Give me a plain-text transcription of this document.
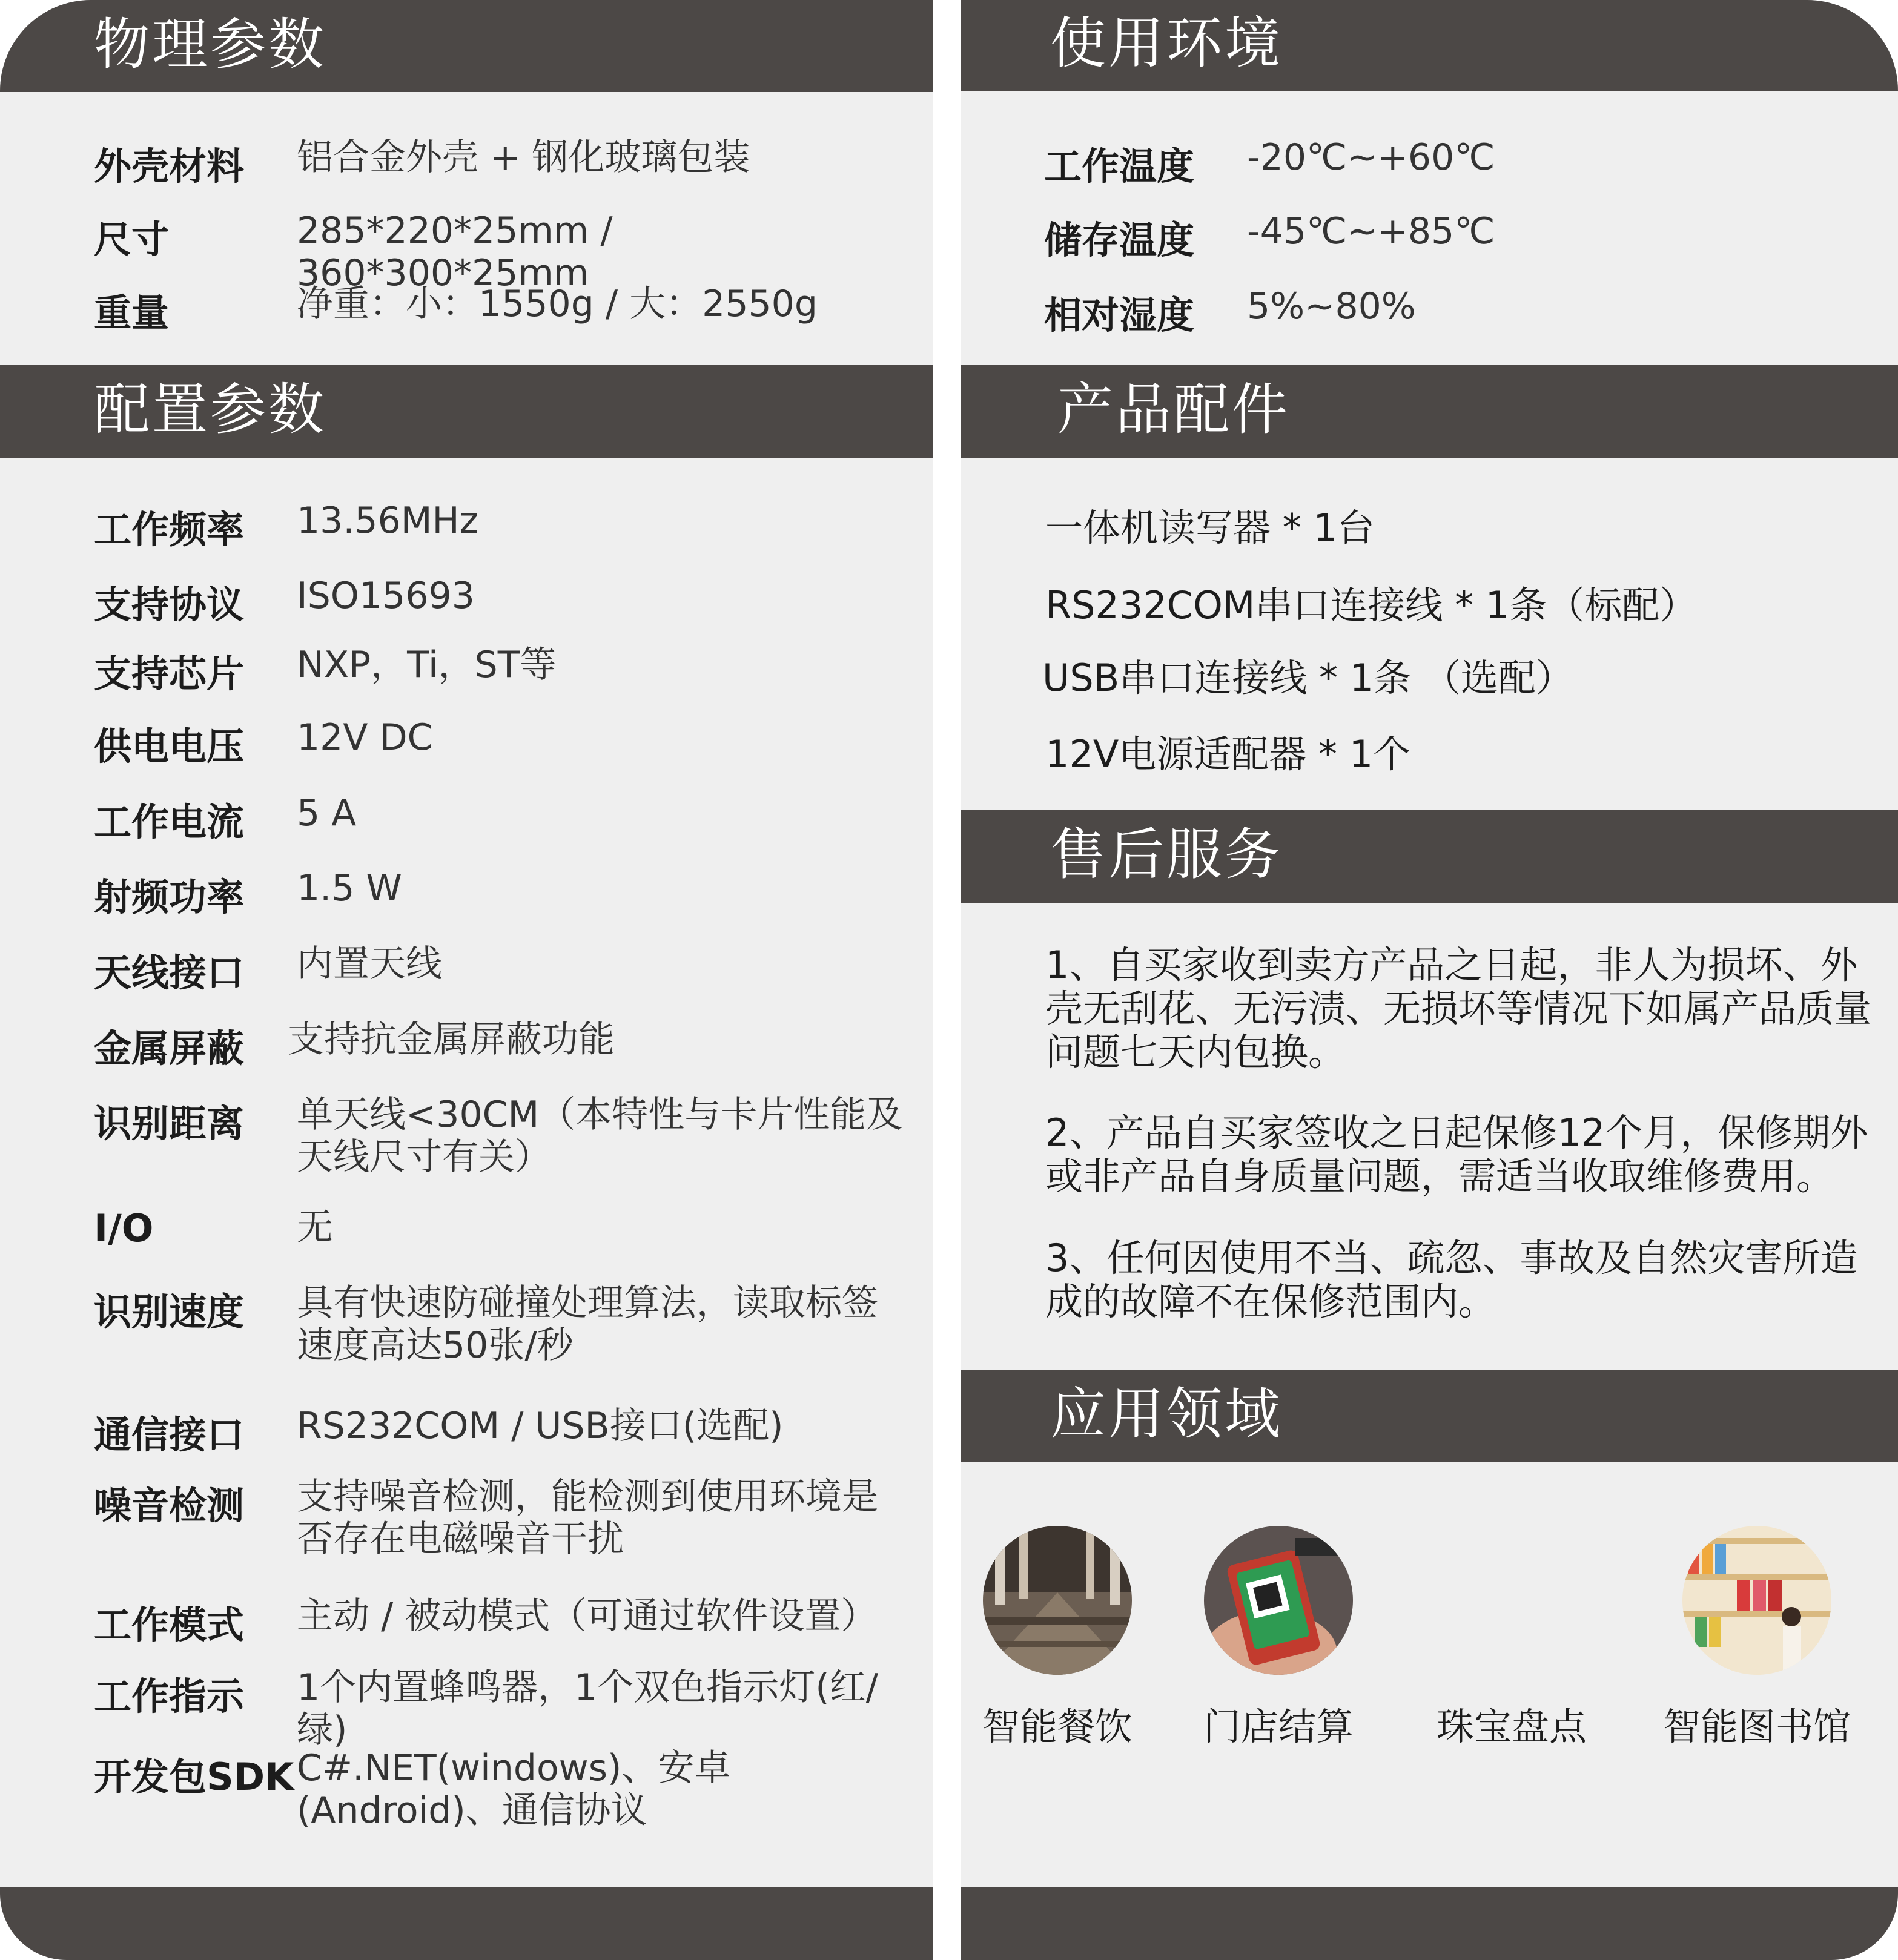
物理参数
外壳材料 铝合金外壳 + 钢化玻璃包装
尺寸	285*220*25mm / 360*300*25mm
重量	净重：小：1550g / 大：2550g
配置参数
工作频率 13.56MHz
支持协议 ISO15693
支持芯片 NXP，Ti，ST等
供电电压 12V DC
工作电流 5 A
射频功率 1.5 W
天线接口 内置天线
金属屏蔽 支持抗金属屏蔽功能
识别距离 单天线<30CM（本特性与卡片性能及天线尺寸有关）
I/O	无
识别速度 具有快速防碰撞处理算法，读取标签速度高达50张/秒
通信接口 RS232COM / USB接口(选配)
噪音检测 支持噪音检测，能检测到使用环境是否存在电磁噪音干扰
工作模式 主动 / 被动模式（可通过软件设置）
工作指示 1个内置蜂鸣器，1个双色指示灯(红/绿)
开发包SDK C#.NET(windows)、安卓(Android)、通信协议
使用环境
工作温度 -20℃~+60℃
储存温度 -45℃~+85℃
相对湿度 5%~80%
产品配件
一体机读写器 * 1台
RS232COM串口连接线 * 1条（标配）
USB串口连接线 * 1条 （选配）
12V电源适配器 * 1个
售后服务
1、自买家收到卖方产品之日起，非人为损坏、外壳无刮花、无污渍、无损坏等情况下如属产品质量问题七天内包换。
2、产品自买家签收之日起保修12个月，保修期外或非产品自身质量问题，需适当收取维修费用。
3、任何因使用不当、疏忽、事故及自然灾害所造成的故障不在保修范围内。
应用领域
智能餐饮	门店结算	珠宝盘点	智能图书馆
